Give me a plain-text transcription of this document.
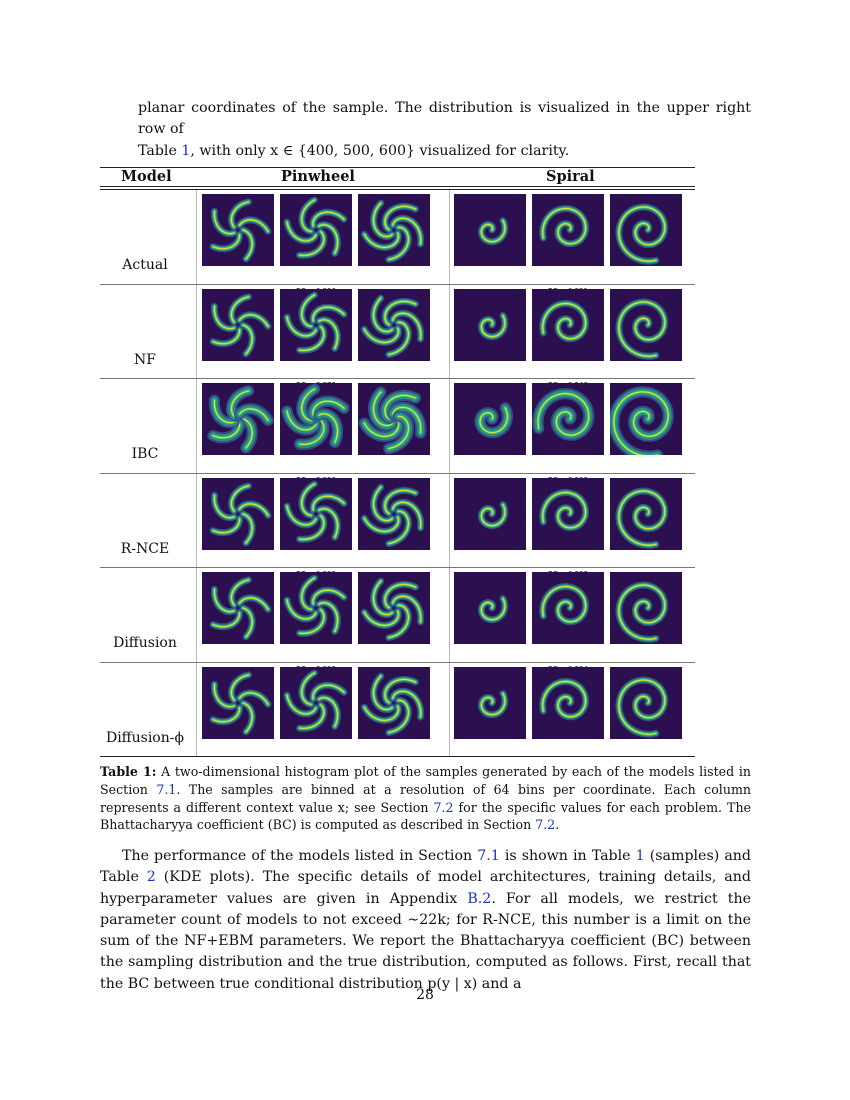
planar coordinates of the sample. The distribution is visualized in the upper right row of
Table 1, with only x ∈ {400, 500, 600} visualized for clarity.

Model	Pinwheel	Spiral
Actual
NF
IBC
R-NCE
Diffusion
Diffusion-ϕ

Table 1: A two-dimensional histogram plot of the samples generated by each of the models listed in Section 7.1. The samples are binned at a resolution of 64 bins per coordinate. Each column represents a different context value x; see Section 7.2 for the specific values for each problem. The Bhattacharyya coefficient (BC) is computed as described in Section 7.2.

The performance of the models listed in Section 7.1 is shown in Table 1 (samples) and Table 2 (KDE plots). The specific details of model architectures, training details, and hyperparameter values are given in Appendix B.2. For all models, we restrict the parameter count of models to not exceed ∼22k; for R-NCE, this number is a limit on the sum of the NF+EBM parameters. We report the Bhattacharyya coefficient (BC) between the sampling distribution and the true distribution, computed as follows. First, recall that the BC between true conditional distribution p(y | x) and a

28
